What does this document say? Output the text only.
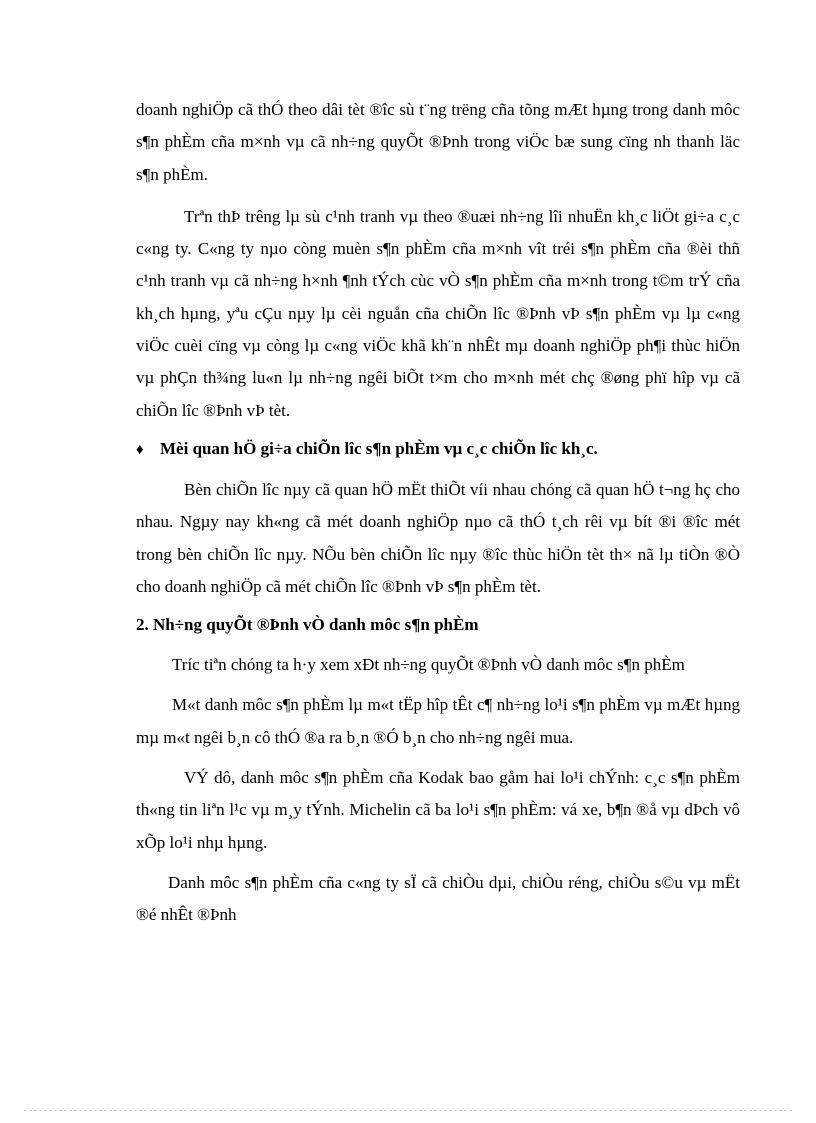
doanh nghiÖp cã thÓ theo dâi tèt ®îc sù t¨ng trëng cña tõng mÆt hµng trong danh môc s¶n phÈm cña m×nh vµ cã nh÷ng quyÕt ®Þnh trong viÖc bæ sung cïng nh thanh läc s¶n phÈm.

Trªn thÞ trêng lµ sù c¹nh tranh vµ theo ®uæi nh÷ng lîi nhuËn kh¸c liÖt gi÷a c¸c c«ng ty. C«ng ty nµo còng muèn s¶n phÈm cña m×nh vît tréi s¶n phÈm cña ®èi thñ c¹nh tranh vµ cã nh÷ng h×nh ¶nh tÝch cùc vÒ s¶n phÈm cña m×nh trong t©m trÝ cña kh¸ch hµng, yªu cÇu nµy lµ cèi nguån cña chiÕn lîc ®Þnh vÞ s¶n phÈm vµ lµ c«ng viÖc cuèi cïng vµ còng lµ c«ng viÖc khã kh¨n nhÊt mµ doanh nghiÖp ph¶i thùc hiÖn vµ phÇn th¾ng lu«n lµ nh÷ng ngêi biÕt t×m cho m×nh mét chç ®øng phï hîp vµ cã chiÕn lîc ®Þnh vÞ tèt.

♦ Mèi quan hÖ gi÷a chiÕn lîc s¶n phÈm vµ c¸c chiÕn lîc kh¸c.

Bèn chiÕn lîc nµy cã quan hÖ mËt thiÕt víi nhau chóng cã quan hÖ t¬ng hç cho nhau. Ngµy nay kh«ng cã mét doanh nghiÖp nµo cã thÓ t¸ch rêi vµ bít ®i ®îc mét trong bèn chiÕn lîc nµy. NÕu bèn chiÕn lîc nµy ®îc thùc hiÖn tèt th× nã lµ tiÒn ®Ò cho doanh nghiÖp cã mét chiÕn lîc ®Þnh vÞ s¶n phÈm tèt.

2. Nh÷ng quyÕt ®Þnh vÒ danh môc s¶n phÈm

Tríc tiªn chóng ta h·y xem xÐt nh÷ng quyÕt ®Þnh vÒ danh môc s¶n phÈm

M«t danh môc s¶n phÈm lµ m«t tËp hîp tÊt c¶ nh÷ng lo¹i s¶n phÈm vµ mÆt hµng mµ m«t ngêi b¸n cô thÓ ®a ra b¸n ®Ó b¸n cho nh÷ng ngêi mua.

VÝ dô, danh môc s¶n phÈm cña Kodak bao gåm hai lo¹i chÝnh: c¸c s¶n phÈm th«ng tin liªn l¹c vµ m¸y tÝnh. Michelin cã ba lo¹i s¶n phÈm: vá xe, b¶n ®å vµ dÞch vô xÕp lo¹i nhµ hµng.

Danh môc s¶n phÈm cña c«ng ty sÏ cã chiÒu dµi, chiÒu réng, chiÒu s©u vµ mËt ®é nhÊt ®Þnh
